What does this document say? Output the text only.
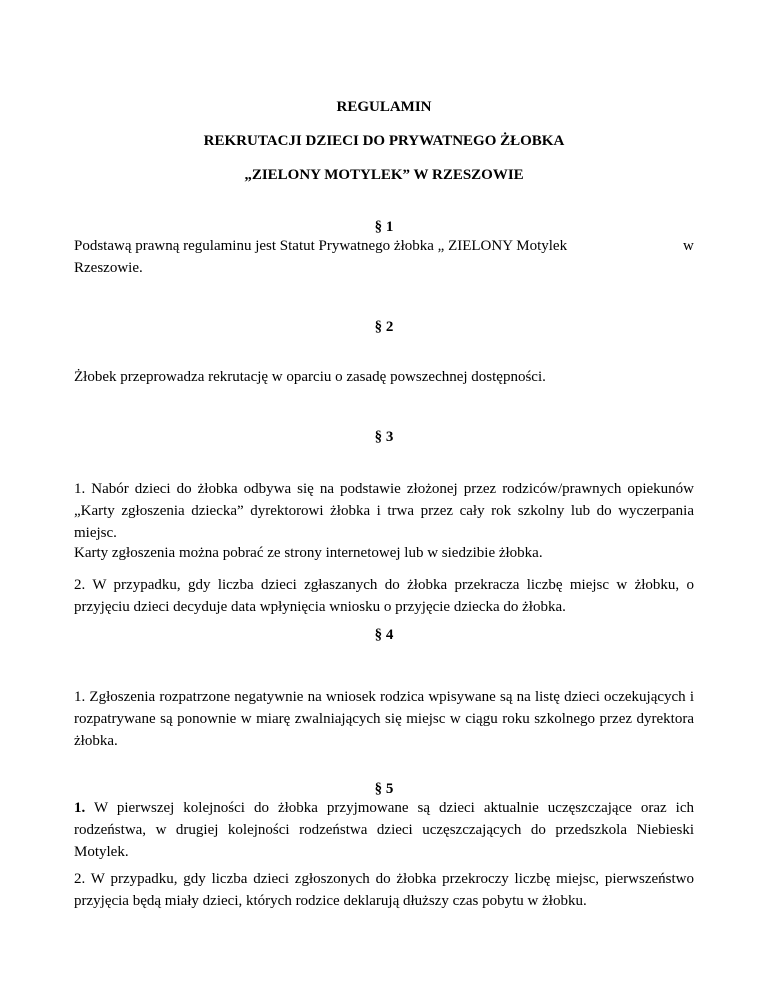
REGULAMIN
REKRUTACJI DZIECI DO PRYWATNEGO ŻŁOBKA
„ZIELONY MOTYLEK” W RZESZOWIE
§ 1
Podstawą prawną regulaminu jest Statut Prywatnego żłobka „ ZIELONY Motylek	w
Rzeszowie.
§ 2
Żłobek przeprowadza rekrutację w oparciu o zasadę powszechnej dostępności.
§ 3
1. Nabór dzieci do żłobka odbywa się na podstawie złożonej przez rodziców/prawnych opiekunów „Karty zgłoszenia dziecka” dyrektorowi żłobka i trwa przez cały rok szkolny lub do wyczerpania miejsc.
Karty zgłoszenia można pobrać ze strony internetowej lub w siedzibie żłobka.
2. W przypadku, gdy liczba dzieci zgłaszanych do żłobka przekracza liczbę miejsc w żłobku, o przyjęciu dzieci decyduje data wpłynięcia wniosku o przyjęcie dziecka do żłobka.
§ 4
1. Zgłoszenia rozpatrzone negatywnie na wniosek rodzica wpisywane są na listę dzieci oczekujących i rozpatrywane są ponownie w miarę zwalniających się miejsc w ciągu roku szkolnego przez dyrektora żłobka.
§ 5
1. W pierwszej kolejności do żłobka przyjmowane są dzieci aktualnie uczęszczające oraz ich rodzeństwa, w drugiej kolejności rodzeństwa dzieci uczęszczających do przedszkola Niebieski Motylek.
2. W przypadku, gdy liczba dzieci zgłoszonych do żłobka przekroczy liczbę miejsc, pierwszeństwo przyjęcia będą miały dzieci, których rodzice deklarują dłuższy czas pobytu w żłobku.
